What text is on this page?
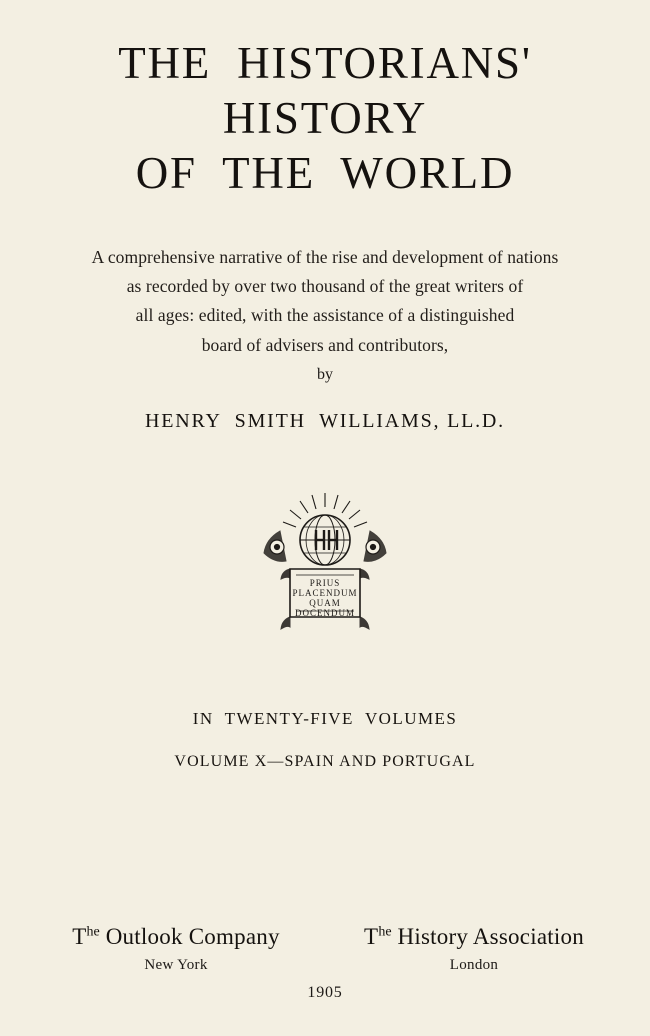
THE  HISTORIANS'
HISTORY
OF  THE  WORLD
A comprehensive narrative of the rise and development of nations
as recorded by over two thousand of the great writers of
all ages: edited, with the assistance of a distinguished
board of advisers and contributors,
by
HENRY  SMITH  WILLIAMS, LL.D.
PRIUS
PLACENDUM
QUAM
DOCENDUM
IN  TWENTY-FIVE  VOLUMES
VOLUME X—SPAIN AND PORTUGAL
$T^{he}$ Outlook Company
New York
$T^{he}$ History Association
London
1905
